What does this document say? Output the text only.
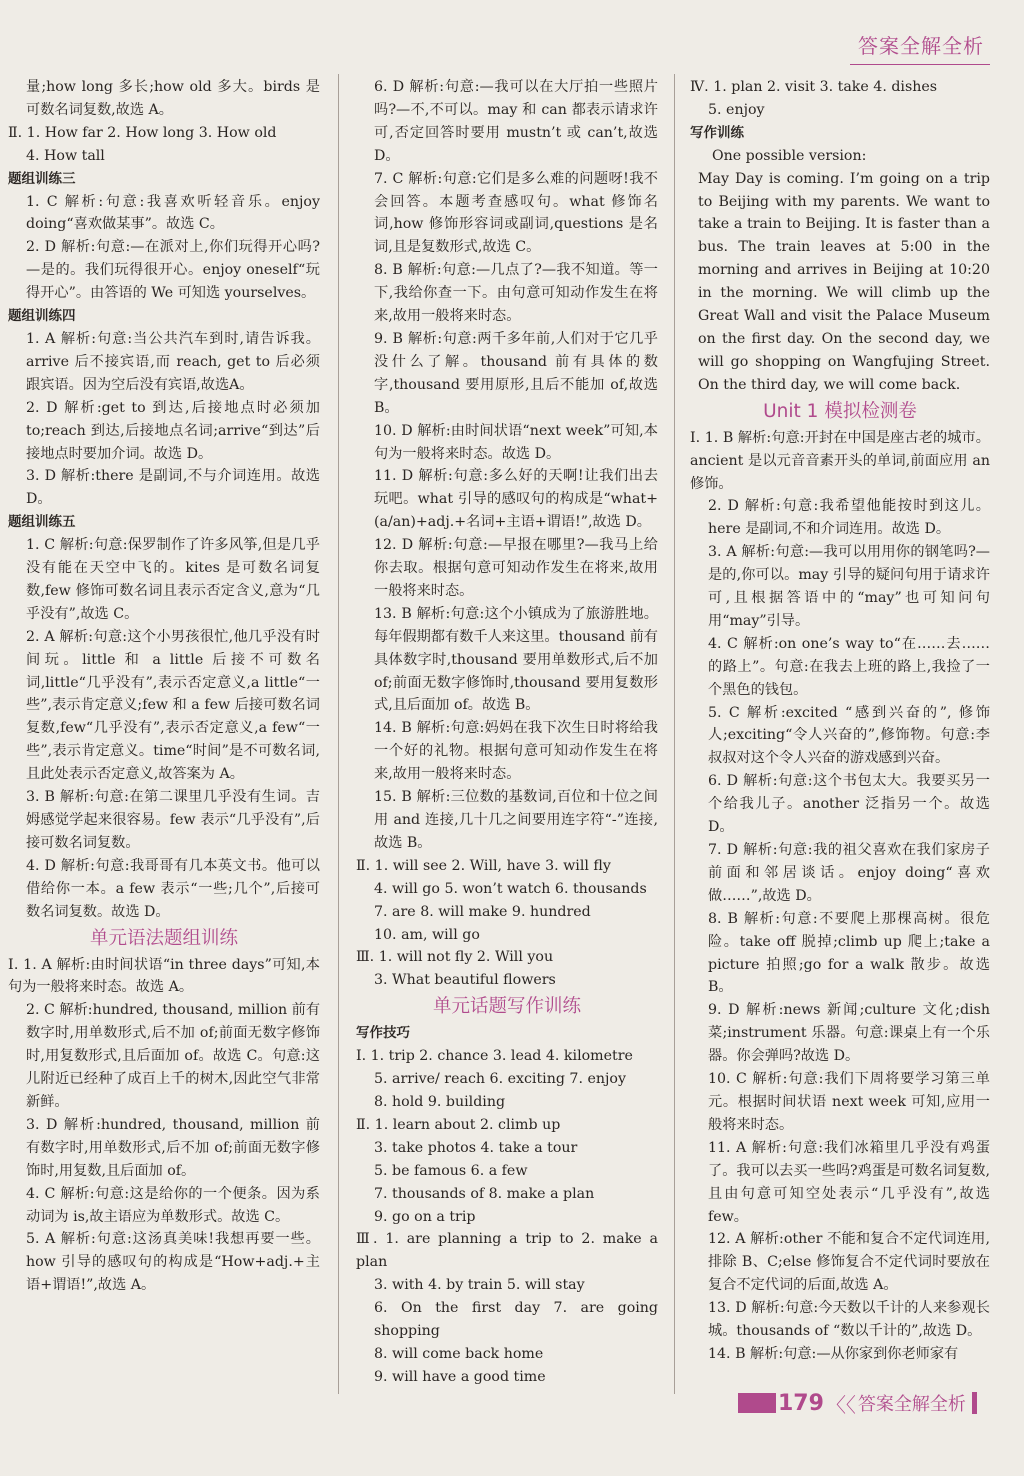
答案全解全析

量;how long 多长;how old 多大。birds 是可数名词复数,故选 A。

Ⅱ. 1. How far 2. How long 3. How old

4. How tall

题组训练三

1. C 解析:句意:我喜欢听轻音乐。enjoy doing“喜欢做某事”。故选 C。

2. D 解析:句意:—在派对上,你们玩得开心吗?—是的。我们玩得很开心。enjoy oneself“玩得开心”。由答语的 We 可知选 yourselves。

题组训练四

1. A 解析:句意:当公共汽车到时,请告诉我。arrive 后不接宾语,而 reach, get to 后必须跟宾语。因为空后没有宾语,故选A。

2. D 解析:get to 到达,后接地点时必须加 to;reach 到达,后接地点名词;arrive“到达”后接地点时要加介词。故选 D。

3. D 解析:there 是副词,不与介词连用。故选 D。

题组训练五

1. C 解析:句意:保罗制作了许多风筝,但是几乎没有能在天空中飞的。kites 是可数名词复数,few 修饰可数名词且表示否定含义,意为“几乎没有”,故选 C。

2. A 解析:句意:这个小男孩很忙,他几乎没有时间玩。little 和 a little 后接不可数名词,little“几乎没有”,表示否定意义,a little“一些”,表示肯定意义;few 和 a few 后接可数名词复数,few“几乎没有”,表示否定意义,a few“一些”,表示肯定意义。time“时间”是不可数名词,且此处表示否定意义,故答案为 A。

3. B 解析:句意:在第二课里几乎没有生词。吉姆感觉学起来很容易。few 表示“几乎没有”,后接可数名词复数。

4. D 解析:句意:我哥哥有几本英文书。他可以借给你一本。a few 表示“一些;几个”,后接可数名词复数。故选 D。

单元语法题组训练

Ⅰ. 1. A 解析:由时间状语“in three days”可知,本句为一般将来时态。故选 A。

2. C 解析:hundred, thousand, million 前有数字时,用单数形式,后不加 of;前面无数字修饰时,用复数形式,且后面加 of。故选 C。句意:这儿附近已经种了成百上千的树木,因此空气非常新鲜。

3. D 解析:hundred, thousand, million 前有数字时,用单数形式,后不加 of;前面无数字修饰时,用复数,且后面加 of。

4. C 解析:句意:这是给你的一个便条。因为系动词为 is,故主语应为单数形式。故选 C。

5. A 解析:句意:这汤真美味!我想再要一些。how 引导的感叹句的构成是“How+adj.+主语+谓语!”,故选 A。

6. D 解析:句意:—我可以在大厅拍一些照片吗?—不,不可以。may 和 can 都表示请求许可,否定回答时要用 mustn’t 或 can’t,故选 D。

7. C 解析:句意:它们是多么难的问题呀!我不会回答。本题考查感叹句。what 修饰名词,how 修饰形容词或副词,questions 是名词,且是复数形式,故选 C。

8. B 解析:句意:—几点了?—我不知道。等一下,我给你查一下。由句意可知动作发生在将来,故用一般将来时态。

9. B 解析:句意:两千多年前,人们对于它几乎没什么了解。thousand 前有具体的数字,thousand 要用原形,且后不能加 of,故选 B。

10. D 解析:由时间状语“next week”可知,本句为一般将来时态。故选 D。

11. D 解析:句意:多么好的天啊!让我们出去玩吧。what 引导的感叹句的构成是“what+(a/an)+adj.+名词+主语+谓语!”,故选 D。

12. D 解析:句意:—早报在哪里?—我马上给你去取。根据句意可知动作发生在将来,故用一般将来时态。

13. B 解析:句意:这个小镇成为了旅游胜地。每年假期都有数千人来这里。thousand 前有具体数字时,thousand 要用单数形式,后不加 of;前面无数字修饰时,thousand 要用复数形式,且后面加 of。故选 B。

14. B 解析:句意:妈妈在我下次生日时将给我一个好的礼物。根据句意可知动作发生在将来,故用一般将来时态。

15. B 解析:三位数的基数词,百位和十位之间用 and 连接,几十几之间要用连字符“-”连接,故选 B。

Ⅱ. 1. will see 2. Will, have 3. will fly

4. will go 5. won’t watch 6. thousands

7. are 8. will make 9. hundred

10. am, will go

Ⅲ. 1. will not fly 2. Will you

3. What beautiful flowers

单元话题写作训练

写作技巧

Ⅰ. 1. trip 2. chance 3. lead 4. kilometre

5. arrive/ reach 6. exciting 7. enjoy

8. hold 9. building

Ⅱ. 1. learn about 2. climb up

3. take photos 4. take a tour

5. be famous 6. a few

7. thousands of 8. make a plan

9. go on a trip

Ⅲ. 1. are planning a trip to 2. make a plan

3. with 4. by train 5. will stay

6. On the first day 7. are going shopping

8. will come back home

9. will have a good time

Ⅳ. 1. plan 2. visit 3. take 4. dishes

5. enjoy

写作训练

One possible version:

May Day is coming. I’m going on a trip to Beijing with my parents. We want to take a train to Beijing. It is faster than a bus. The train leaves at 5:00 in the morning and arrives in Beijing at 10:20 in the morning. We will climb up the Great Wall and visit the Palace Museum on the first day. On the second day, we will go shopping on Wangfujing Street. On the third day, we will come back.

Unit 1 模拟检测卷

Ⅰ. 1. B 解析:句意:开封在中国是座古老的城市。ancient 是以元音音素开头的单词,前面应用 an 修饰。

2. D 解析:句意:我希望他能按时到这儿。here 是副词,不和介词连用。故选 D。

3. A 解析:句意:—我可以用用你的钢笔吗?—是的,你可以。may 引导的疑问句用于请求许可,且根据答语中的“may”也可知问句用“may”引导。

4. C 解析:on one’s way to“在……去……的路上”。句意:在我去上班的路上,我捡了一个黑色的钱包。

5. C 解析:excited “感到兴奋的”, 修饰人;exciting“令人兴奋的”,修饰物。句意:李叔叔对这个令人兴奋的游戏感到兴奋。

6. D 解析:句意:这个书包太大。我要买另一个给我儿子。another 泛指另一个。故选 D。

7. D 解析:句意:我的祖父喜欢在我们家房子前面和邻居谈话。enjoy doing“喜欢做……”,故选 D。

8. B 解析:句意:不要爬上那棵高树。很危险。take off 脱掉;climb up 爬上;take a picture 拍照;go for a walk 散步。故选 B。

9. D 解析:news 新闻;culture 文化;dish 菜;instrument 乐器。句意:课桌上有一个乐器。你会弹吗?故选 D。

10. C 解析:句意:我们下周将要学习第三单元。根据时间状语 next week 可知,应用一般将来时态。

11. A 解析:句意:我们冰箱里几乎没有鸡蛋了。我可以去买一些吗?鸡蛋是可数名词复数,且由句意可知空处表示“几乎没有”,故选 few。

12. A 解析:other 不能和复合不定代词连用,排除 B、C;else 修饰复合不定代词时要放在复合不定代词的后面,故选 A。

13. D 解析:句意:今天数以千计的人来参观长城。thousands of “数以千计的”,故选 D。

14. B 解析:句意:—从你家到你老师家有

179 〈〈 答案全解全析
